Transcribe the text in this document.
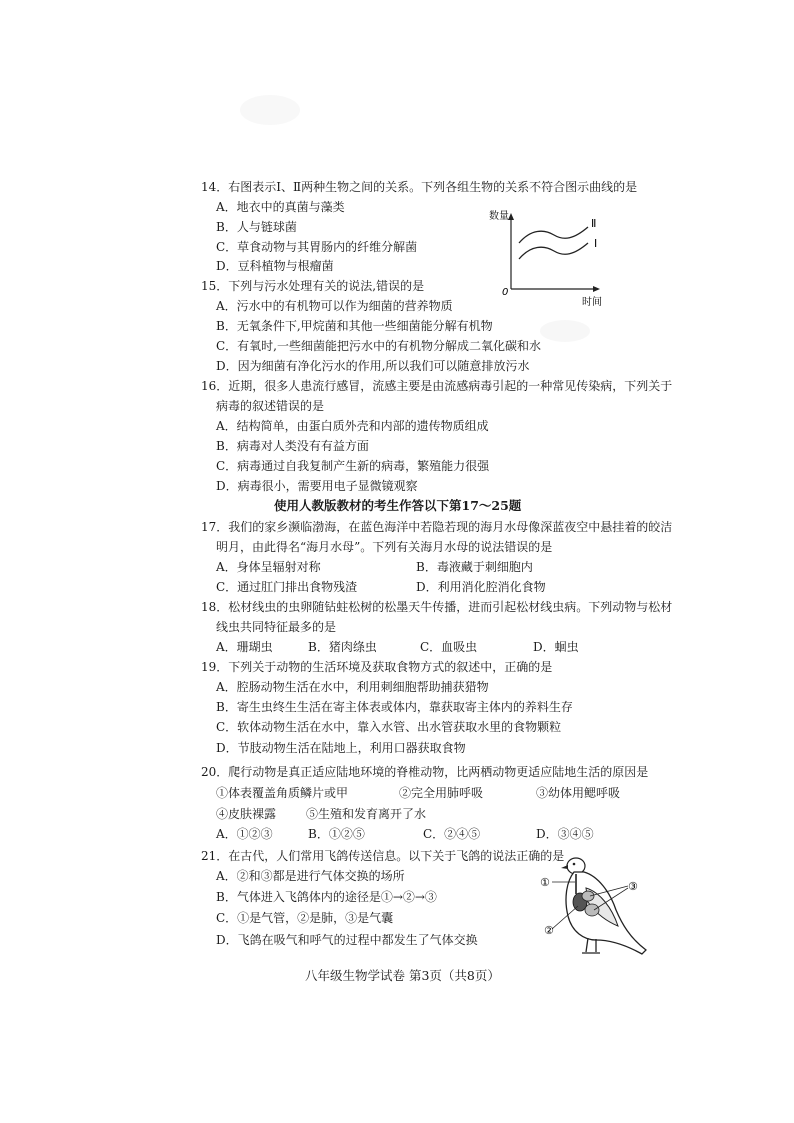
14．右图表示Ⅰ、Ⅱ两种生物之间的关系。下列各组生物的关系不符合图示曲线的是
A．地衣中的真菌与藻类
B．人与链球菌
C．草食动物与其胃肠内的纤维分解菌
D．豆科植物与根瘤菌
数量
0
时间
Ⅱ
Ⅰ
15．下列与污水处理有关的说法,错误的是
A．污水中的有机物可以作为细菌的营养物质
B．无氧条件下,甲烷菌和其他一些细菌能分解有机物
C．有氧时,一些细菌能把污水中的有机物分解成二氧化碳和水
D．因为细菌有净化污水的作用,所以我们可以随意排放污水
16．近期，很多人患流行感冒，流感主要是由流感病毒引起的一种常见传染病，下列关于
病毒的叙述错误的是
A．结构简单，由蛋白质外壳和内部的遗传物质组成
B．病毒对人类没有有益方面
C．病毒通过自我复制产生新的病毒，繁殖能力很强
D．病毒很小，需要用电子显微镜观察
使用人教版教材的考生作答以下第17～25题
17．我们的家乡濒临渤海，在蓝色海洋中若隐若现的海月水母像深蓝夜空中悬挂着的皎洁
明月，由此得名“海月水母”。下列有关海月水母的说法错误的是
A．身体呈辐射对称	B．毒液藏于刺细胞内
C．通过肛门排出食物残渣	D．利用消化腔消化食物
18．松材线虫的虫卵随钻蛀松树的松墨天牛传播，进而引起松材线虫病。下列动物与松材
线虫共同特征最多的是
A．珊瑚虫	B．猪肉绦虫	C．血吸虫	D．蛔虫
19．下列关于动物的生活环境及获取食物方式的叙述中，正确的是
A．腔肠动物生活在水中，利用刺细胞帮助捕获猎物
B．寄生虫终生生活在寄主体表或体内，靠获取寄主体内的养料生存
C．软体动物生活在水中，靠入水管、出水管获取水里的食物颗粒
D．节肢动物生活在陆地上，利用口器获取食物
20．爬行动物是真正适应陆地环境的脊椎动物，比两栖动物更适应陆地生活的原因是
①体表覆盖角质鳞片或甲	②完全用肺呼吸	③幼体用鳃呼吸
④皮肤裸露 ⑤生殖和发育离开了水
A．①②③	B．①②⑤	C．②④⑤	D．③④⑤
21．在古代，人们常用飞鸽传送信息。以下关于飞鸽的说法正确的是
A．②和③都是进行气体交换的场所
B．气体进入飞鸽体内的途径是①→②→③
C．①是气管，②是肺，③是气囊
D．飞鸽在吸气和呼气的过程中都发生了气体交换
①
②
③
八年级生物学试卷 第3页（共8页）
